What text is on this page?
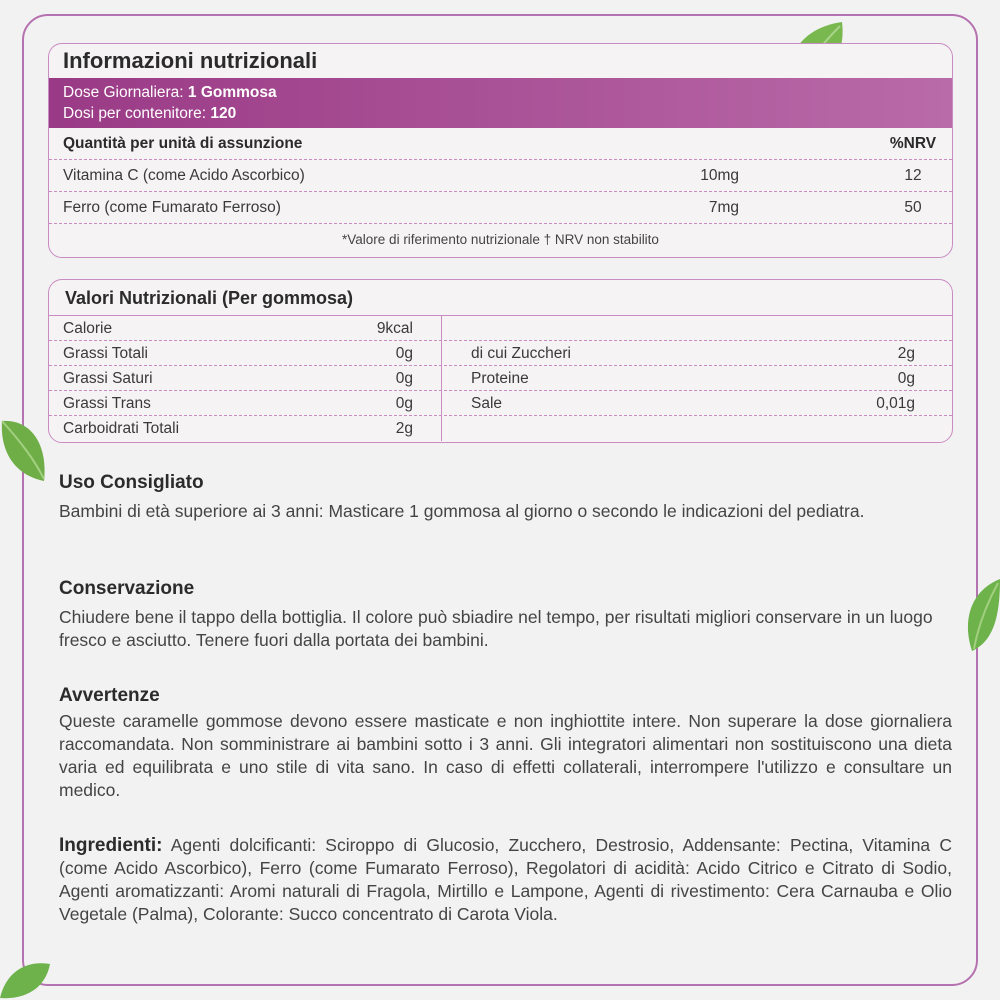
Informazioni nutrizionali
Dose Giornaliera: 1 Gommosa
Dosi per contenitore: 120
Quantità per unità di assunzione	%NRV
Vitamina C (come Acido Ascorbico)	10mg	12
Ferro (come Fumarato Ferroso)	7mg	50
*Valore di riferimento nutrizionale † NRV non stabilito
Valori Nutrizionali (Per gommosa)
Calorie	9kcal
Grassi Totali	0g	di cui Zuccheri	2g
Grassi Saturi	0g	Proteine	0g
Grassi Trans	0g	Sale	0,01g
Carboidrati Totali	2g
Uso Consigliato

Bambini di età superiore ai 3 anni: Masticare 1 gommosa al giorno o secondo le indicazioni del pediatra.

Conservazione

Chiudere bene il tappo della bottiglia. Il colore può sbiadire nel tempo, per risultati migliori conservare in un luogo fresco e asciutto. Tenere fuori dalla portata dei bambini.

Avvertenze

Queste caramelle gommose devono essere masticate e non inghiottite intere. Non superare la dose giornaliera raccomandata. Non somministrare ai bambini sotto i 3 anni. Gli integratori alimentari non sostituiscono una dieta varia ed equilibrata e uno stile di vita sano. In caso di effetti collaterali, interrompere l'utilizzo e consultare un medico.

Ingredienti: Agenti dolcificanti: Sciroppo di Glucosio, Zucchero, Destrosio, Addensante: Pectina, Vitamina C (come Acido Ascorbico), Ferro (come Fumarato Ferroso), Regolatori di acidità: Acido Citrico e Citrato di Sodio, Agenti aromatizzanti: Aromi naturali di Fragola, Mirtillo e Lampone, Agenti di rivestimento: Cera Carnauba e Olio Vegetale (Palma), Colorante: Succo concentrato di Carota Viola.
